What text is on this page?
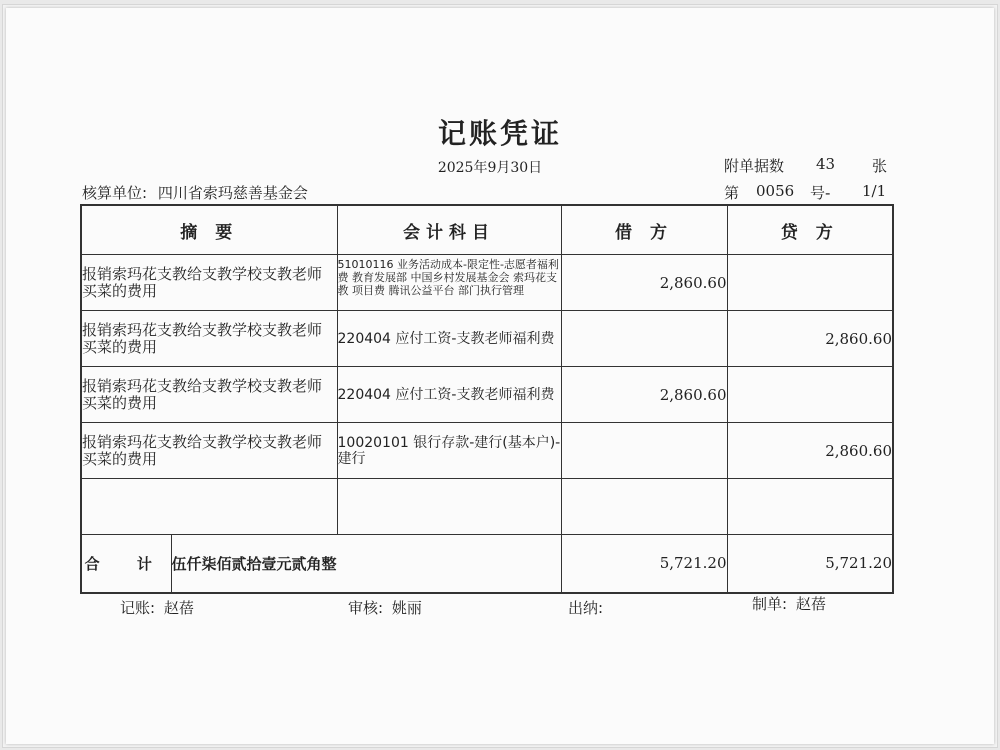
记账凭证
2025年9月30日	附单据数 43 张
核算单位: 四川省索玛慈善基金会	第 0056 号- 1/1
摘 要		会计科目	借 方	贷 方
报销索玛花支教给支教学校支教老师买菜的费用		51010116 业务活动成本-限定性-志愿者福利费 教育发展部 中国乡村发展基金会 索玛花支教 项目费 腾讯公益平台 部门执行管理	2,860.60	
报销索玛花支教给支教学校支教老师买菜的费用		220404 应付工资-支教老师福利费		2,860.60
报销索玛花支教给支教学校支教老师买菜的费用		220404 应付工资-支教老师福利费	2,860.60	
报销索玛花支教给支教学校支教老师买菜的费用		10020101 银行存款-建行(基本户)-建行		2,860.60

合 计	伍仟柒佰贰拾壹元贰角整		5,721.20	5,721.20
记账: 赵蓓	审核: 姚丽	出纳:	制单: 赵蓓
